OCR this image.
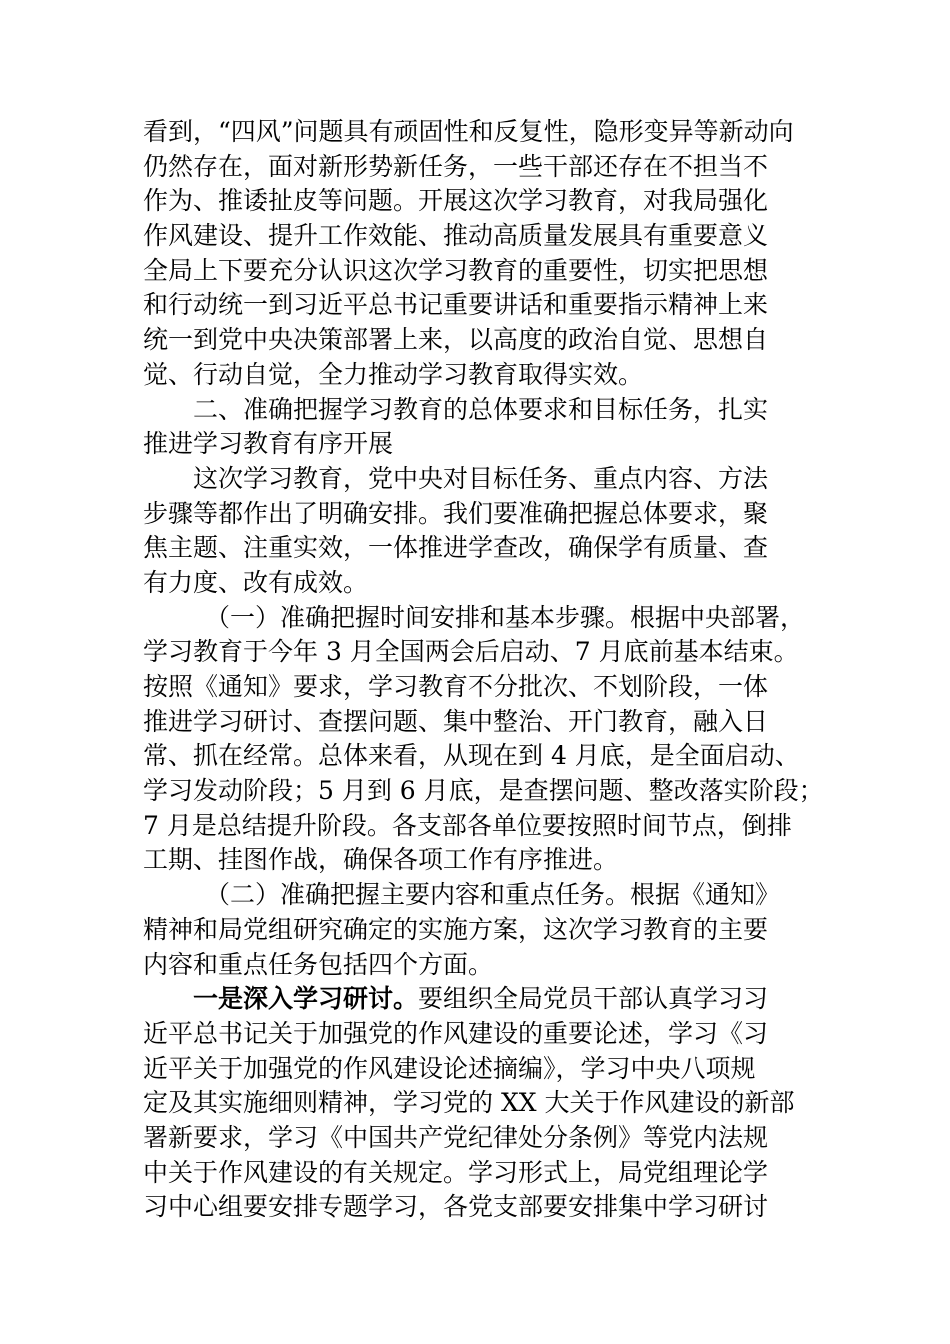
看到，“四风”问题具有顽固性和反复性，隐形变异等新动向
仍然存在，面对新形势新任务，一些干部还存在不担当不
作为、推诿扯皮等问题。开展这次学习教育，对我局强化
作风建设、提升工作效能、推动高质量发展具有重要意义
全局上下要充分认识这次学习教育的重要性，切实把思想
和行动统一到习近平总书记重要讲话和重要指示精神上来
统一到党中央决策部署上来，以高度的政治自觉、思想自
觉、行动自觉，全力推动学习教育取得实效。
二、准确把握学习教育的总体要求和目标任务，扎实
推进学习教育有序开展
这次学习教育，党中央对目标任务、重点内容、方法
步骤等都作出了明确安排。我们要准确把握总体要求，聚
焦主题、注重实效，一体推进学查改，确保学有质量、查
有力度、改有成效。
（一）准确把握时间安排和基本步骤。根据中央部署，
学习教育于今年 3 月全国两会后启动、7 月底前基本结束。
按照《通知》要求，学习教育不分批次、不划阶段，一体
推进学习研讨、查摆问题、集中整治、开门教育，融入日
常、抓在经常。总体来看，从现在到 4 月底，是全面启动、
学习发动阶段；5 月到 6 月底，是查摆问题、整改落实阶段；
7 月是总结提升阶段。各支部各单位要按照时间节点，倒排
工期、挂图作战，确保各项工作有序推进。
（二）准确把握主要内容和重点任务。根据《通知》
精神和局党组研究确定的实施方案，这次学习教育的主要
内容和重点任务包括四个方面。
一是深入学习研讨。要组织全局党员干部认真学习习
近平总书记关于加强党的作风建设的重要论述，学习《习
近平关于加强党的作风建设论述摘编》，学习中央八项规
定及其实施细则精神，学习党的 XX 大关于作风建设的新部
署新要求，学习《中国共产党纪律处分条例》等党内法规
中关于作风建设的有关规定。学习形式上，局党组理论学
习中心组要安排专题学习，各党支部要安排集中学习研讨
